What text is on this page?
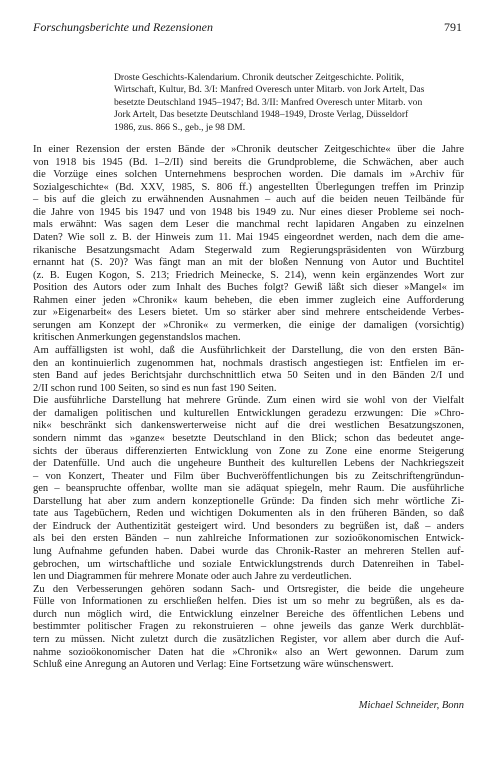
Forschungsberichte und Rezensionen	791

Droste Geschichts-Kalendarium. Chronik deutscher Zeitgeschichte. Politik,

Wirtschaft, Kultur, Bd. 3/I: Manfred Overesch unter Mitarb. von Jork Artelt, Das

besetzte Deutschland 1945–1947; Bd. 3/II: Manfred Overesch unter Mitarb. von

Jork Artelt, Das besetzte Deutschland 1948–1949, Droste Verlag, Düsseldorf

1986, zus. 866 S., geb., je 98 DM.

In einer Rezension der ersten Bände der »Chronik deutscher Zeitgeschichte« über die Jahre
von 1918 bis 1945 (Bd. 1–2/II) sind bereits die Grundprobleme, die Schwächen, aber auch
die Vorzüge eines solchen Unternehmens besprochen worden. Die damals im »Archiv für
Sozialgeschichte« (Bd. XXV, 1985, S. 806 ff.) angestellten Überlegungen treffen im Prinzip
– bis auf die gleich zu erwähnenden Ausnahmen – auch auf die beiden neuen Teilbände für
die Jahre von 1945 bis 1947 und von 1948 bis 1949 zu. Nur eines dieser Probleme sei noch-
mals erwähnt: Was sagen dem Leser die manchmal recht lapidaren Angaben zu einzelnen
Daten? Wie soll z. B. der Hinweis zum 11. Mai 1945 eingeordnet werden, nach dem die ame-
rikanische Besatzungsmacht Adam Stegerwald zum Regierungspräsidenten von Würzburg
ernannt hat (S. 20)? Was fängt man an mit der bloßen Nennung von Autor und Buchtitel
(z. B. Eugen Kogon, S. 213; Friedrich Meinecke, S. 214), wenn kein ergänzendes Wort zur
Position des Autors oder zum Inhalt des Buches folgt? Gewiß läßt sich dieser »Mangel« im
Rahmen einer jeden »Chronik« kaum beheben, die eben immer zugleich eine Aufforderung
zur »Eigenarbeit« des Lesers bietet. Um so stärker aber sind mehrere entscheidende Verbes-
serungen am Konzept der »Chronik« zu vermerken, die einige der damaligen (vorsichtig)
kritischen Anmerkungen gegenstandslos machen.

Am auffälligsten ist wohl, daß die Ausführlichkeit der Darstellung, die von den ersten Bän-
den an kontinuierlich zugenommen hat, nochmals drastisch angestiegen ist: Entfielen im er-
sten Band auf jedes Berichtsjahr durchschnittlich etwa 50 Seiten und in den Bänden 2/I und
2/II schon rund 100 Seiten, so sind es nun fast 190 Seiten.

Die ausführliche Darstellung hat mehrere Gründe. Zum einen wird sie wohl von der Vielfalt
der damaligen politischen und kulturellen Entwicklungen geradezu erzwungen: Die »Chro-
nik« beschränkt sich dankenswerterweise nicht auf die drei westlichen Besatzungszonen,
sondern nimmt das »ganze« besetzte Deutschland in den Blick; schon das bedeutet ange-
sichts der überaus differenzierten Entwicklung von Zone zu Zone eine enorme Steigerung
der Datenfülle. Und auch die ungeheure Buntheit des kulturellen Lebens der Nachkriegszeit
– von Konzert, Theater und Film über Buchveröffentlichungen bis zu Zeitschriftengründun-
gen – beanspruchte offenbar, wollte man sie adäquat spiegeln, mehr Raum. Die ausführliche
Darstellung hat aber zum andern konzeptionelle Gründe: Da finden sich mehr wörtliche Zi-
tate aus Tagebüchern, Reden und wichtigen Dokumenten als in den früheren Bänden, so daß
der Eindruck der Authentizität gesteigert wird. Und besonders zu begrüßen ist, daß – anders
als bei den ersten Bänden – nun zahlreiche Informationen zur sozioökonomischen Entwick-
lung Aufnahme gefunden haben. Dabei wurde das Chronik-Raster an mehreren Stellen auf-
gebrochen, um wirtschaftliche und soziale Entwicklungstrends durch Datenreihen in Tabel-
len und Diagrammen für mehrere Monate oder auch Jahre zu verdeutlichen.

Zu den Verbesserungen gehören sodann Sach- und Ortsregister, die beide die ungeheure
Fülle von Informationen zu erschließen helfen. Dies ist um so mehr zu begrüßen, als es da-
durch nun möglich wird, die Entwicklung einzelner Bereiche des öffentlichen Lebens und
bestimmter politischer Fragen zu rekonstruieren – ohne jeweils das ganze Werk durchblät-
tern zu müssen. Nicht zuletzt durch die zusätzlichen Register, vor allem aber durch die Auf-
nahme sozioökonomischer Daten hat die »Chronik« also an Wert gewonnen. Darum zum
Schluß eine Anregung an Autoren und Verlag: Eine Fortsetzung wäre wünschenswert.

Michael Schneider, Bonn
